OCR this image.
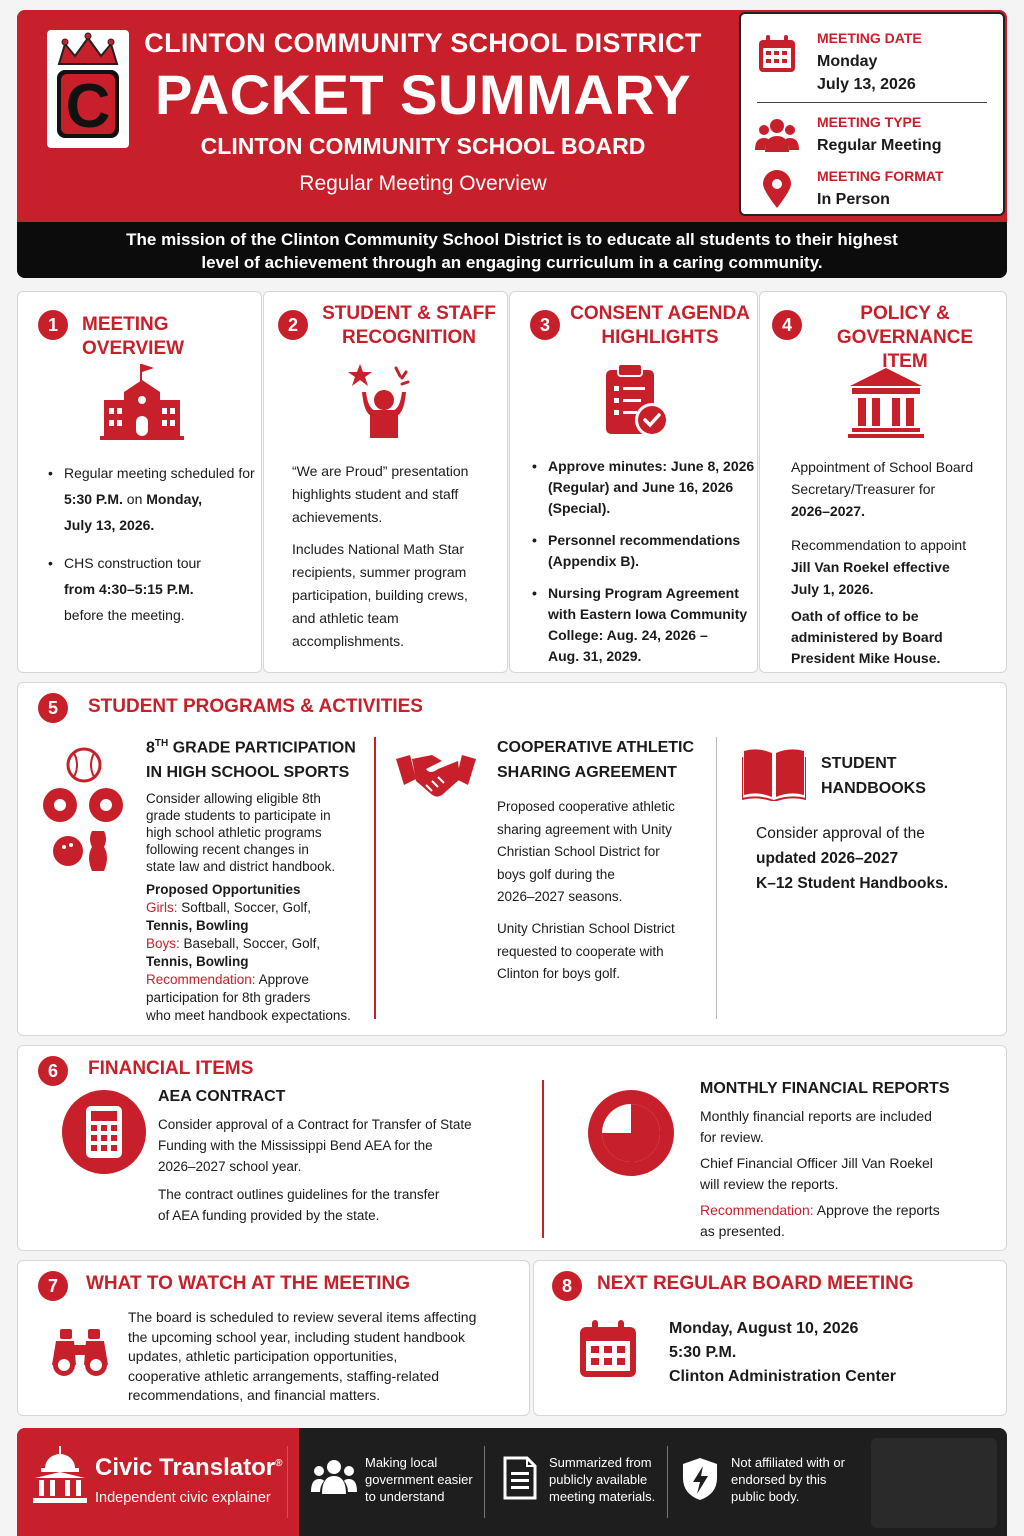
C
CLINTON COMMUNITY SCHOOL DISTRICT
PACKET SUMMARY
CLINTON COMMUNITY SCHOOL BOARD
Regular Meeting Overview
MEETING DATE
Monday
July 13, 2026
MEETING TYPE
Regular Meeting
MEETING FORMAT
In Person
The mission of the Clinton Community School District is to educate all students to their highest
level of achievement through an engaging curriculum in a caring community.
1	MEETING OVERVIEW
• Regular meeting scheduled for
5:30 P.M. on Monday,
July 13, 2026.
• CHS construction tour
from 4:30–5:15 P.M.
before the meeting.
2
STUDENT & STAFF
RECOGNITION
“We are Proud” presentation
highlights student and staff
achievements.
Includes National Math Star
recipients, summer program
participation, building crews,
and athletic team
accomplishments.
3
CONSENT AGENDA
HIGHLIGHTS
• Approve minutes: June 8, 2026
(Regular) and June 16, 2026
(Special).
• Personnel recommendations
(Appendix B).
• Nursing Program Agreement
with Eastern Iowa Community
College: Aug. 24, 2026 –
Aug. 31, 2029.
4
POLICY & GOVERNANCE
ITEM
Appointment of School Board
Secretary/Treasurer for
2026–2027.
Recommendation to appoint
Jill Van Roekel effective
July 1, 2026.
Oath of office to be
administered by Board
President Mike House.
5	STUDENT PROGRAMS & ACTIVITIES
8TH GRADE PARTICIPATION
IN HIGH SCHOOL SPORTS
Consider allowing eligible 8th
grade students to participate in
high school athletic programs
following recent changes in
state law and district handbook.
Proposed Opportunities
Girls: Softball, Soccer, Golf,
Tennis, Bowling
Boys: Baseball, Soccer, Golf,
Tennis, Bowling
Recommendation: Approve
participation for 8th graders
who meet handbook expectations.
COOPERATIVE ATHLETIC
SHARING AGREEMENT
Proposed cooperative athletic
sharing agreement with Unity
Christian School District for
boys golf during the
2026–2027 seasons.
Unity Christian School District
requested to cooperate with
Clinton for boys golf.
STUDENT HANDBOOKS
Consider approval of the
updated 2026–2027
K–12 Student Handbooks.
6	FINANCIAL ITEMS
AEA CONTRACT
Consider approval of a Contract for Transfer of State
Funding with the Mississippi Bend AEA for the
2026–2027 school year.
The contract outlines guidelines for the transfer
of AEA funding provided by the state.
MONTHLY FINANCIAL REPORTS
Monthly financial reports are included
for review.
Chief Financial Officer Jill Van Roekel
will review the reports.
Recommendation: Approve the reports
as presented.
7	WHAT TO WATCH AT THE MEETING
The board is scheduled to review several items affecting
the upcoming school year, including student handbook
updates, athletic participation opportunities,
cooperative athletic arrangements, staffing-related
recommendations, and financial matters.
8	NEXT REGULAR BOARD MEETING
Monday, August 10, 2026
5:30 P.M.
Clinton Administration Center
Civic Translator®
Independent civic explainer
Making local
government easier
to understand
Summarized from
publicly available
meeting materials.
Not affiliated with or
endorsed by this
public body.
